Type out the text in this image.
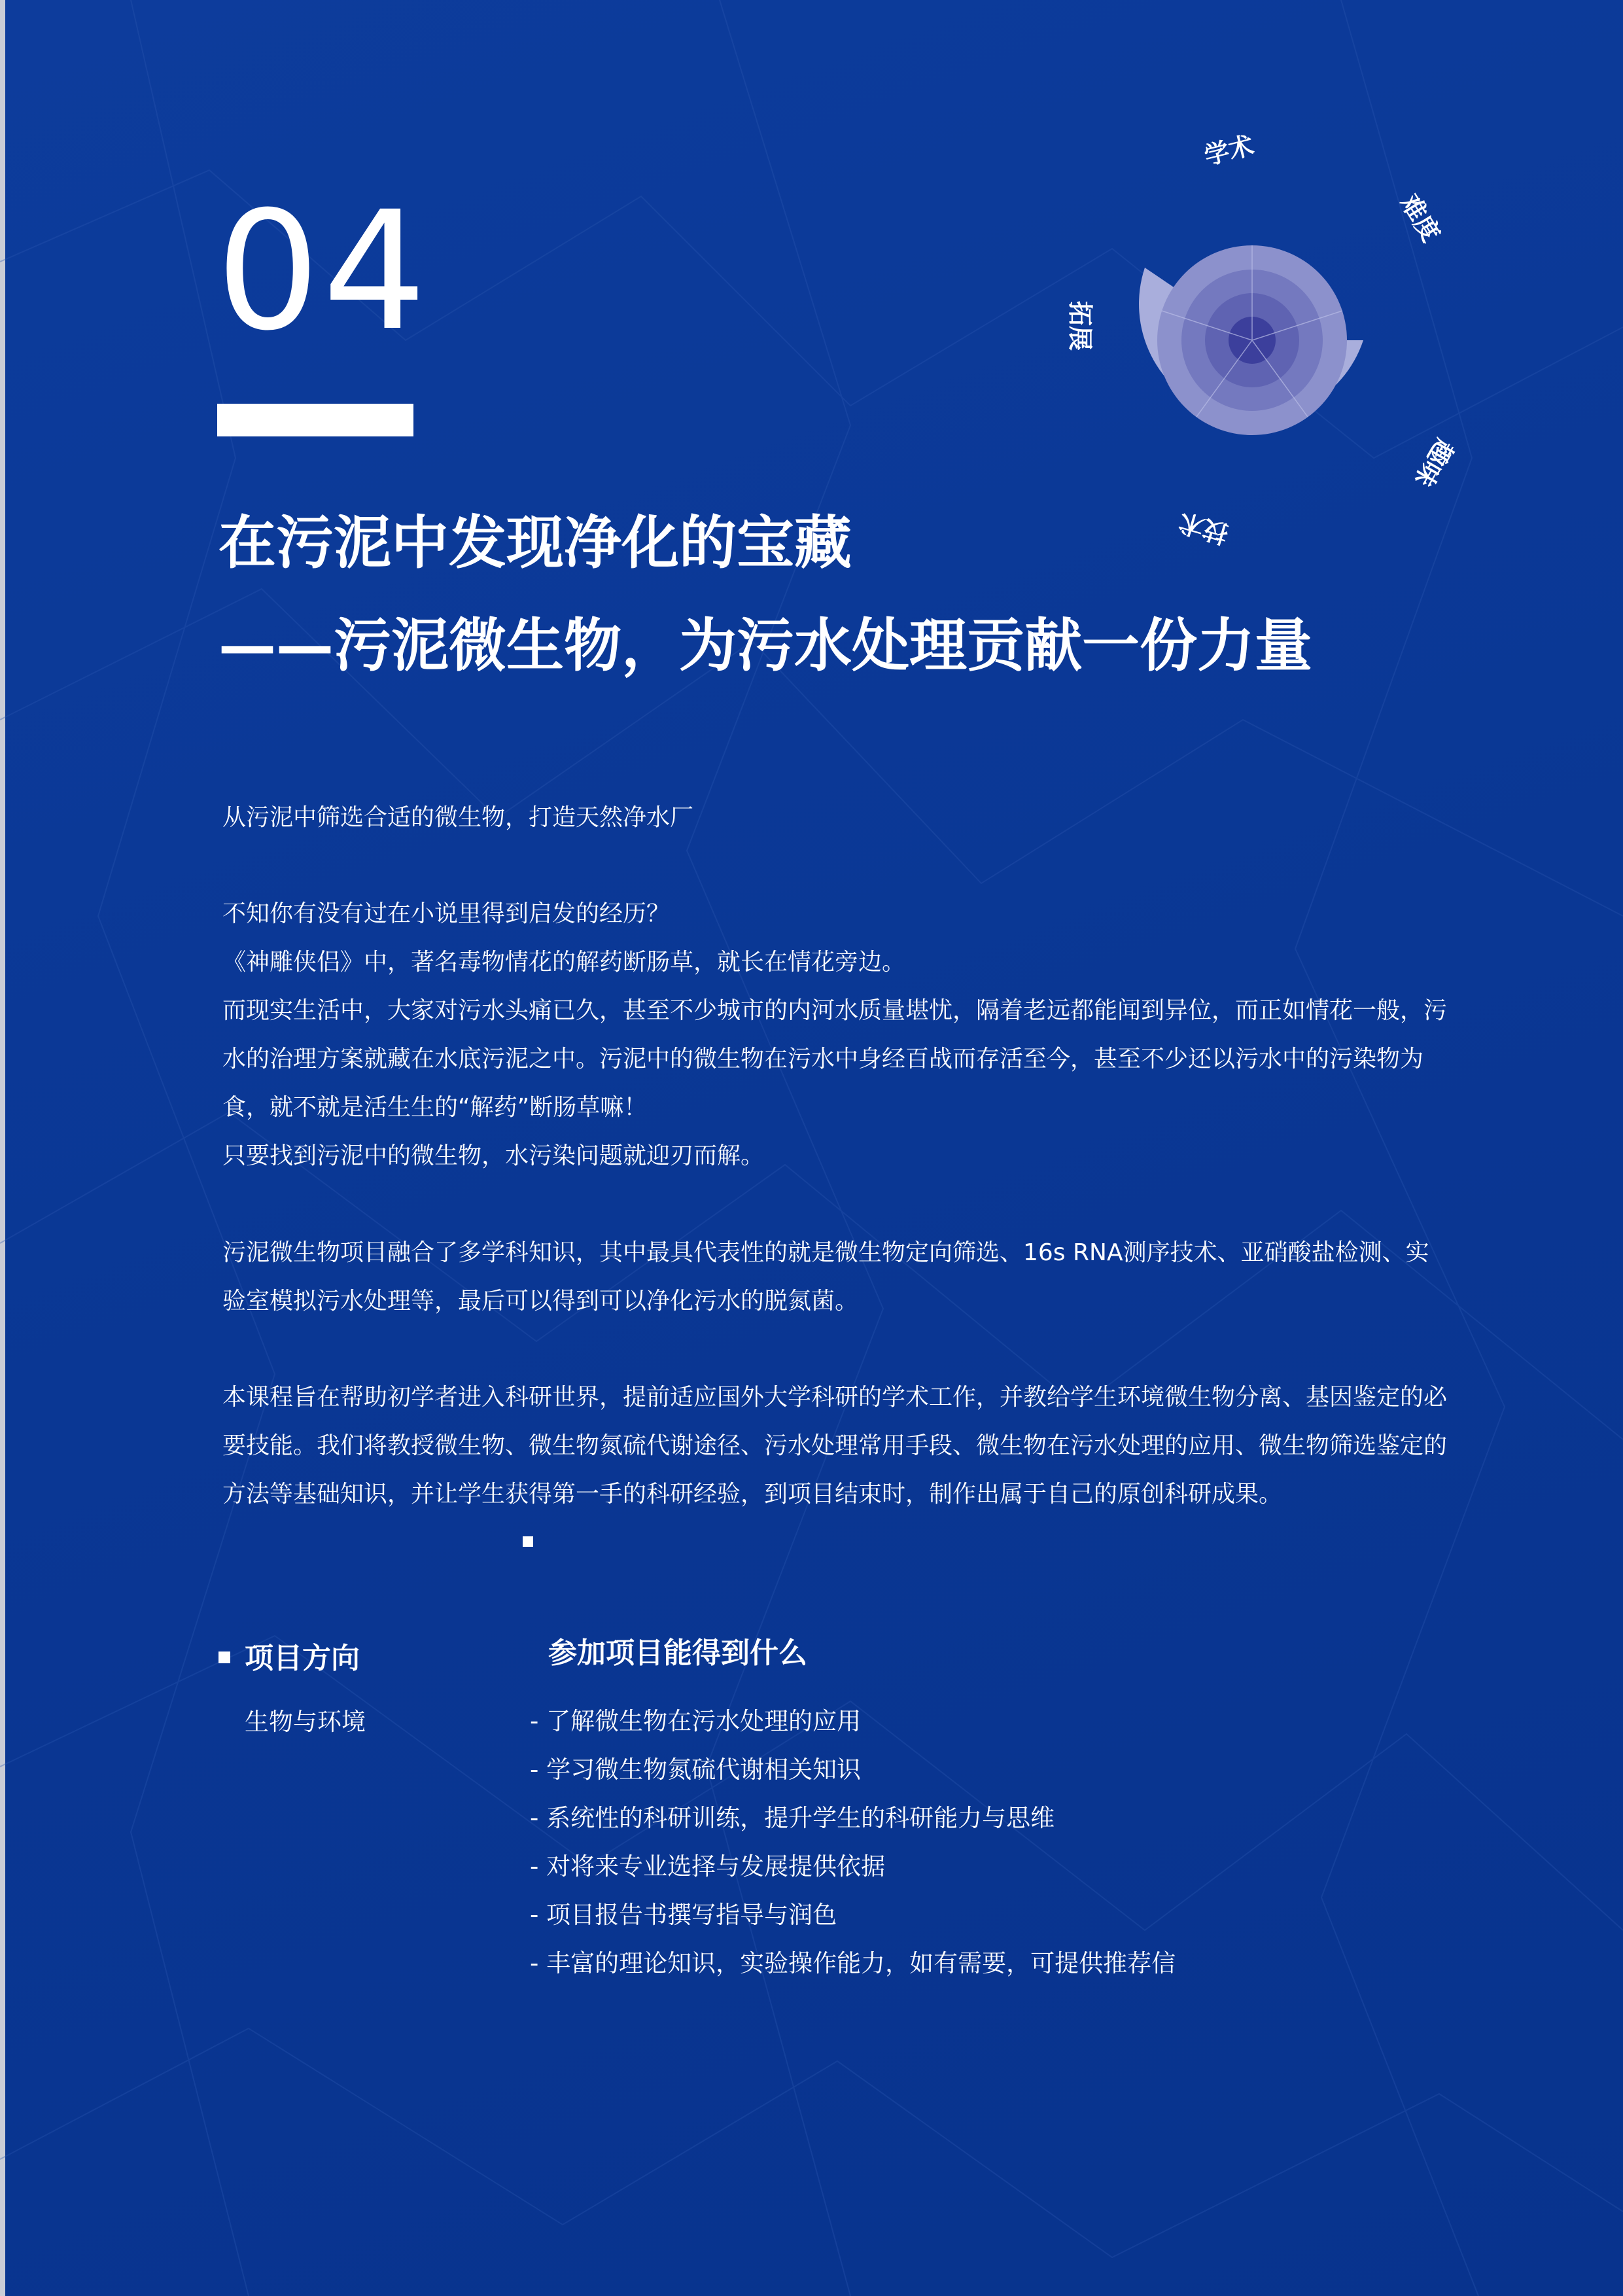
04
在污泥中发现净化的宝藏
——污泥微生物，为污水处理贡献一份力量
学术
难度
趣味
技术
拓展

从污泥中筛选合适的微生物，打造天然净水厂

不知你有没有过在小说里得到启发的经历？

《神雕侠侣》中，著名毒物情花的解药断肠草，就长在情花旁边。

而现实生活中，大家对污水头痛已久，甚至不少城市的内河水质量堪忧，隔着老远都能闻到异位，而正如情花一般，污水的治理方案就藏在水底污泥之中。污泥中的微生物在污水中身经百战而存活至今，甚至不少还以污水中的污染物为食，就不就是活生生的“解药”断肠草嘛！

只要找到污泥中的微生物，水污染问题就迎刃而解。

污泥微生物项目融合了多学科知识，其中最具代表性的就是微生物定向筛选、16s RNA测序技术、亚硝酸盐检测、实验室模拟污水处理等，最后可以得到可以净化污水的脱氮菌。

本课程旨在帮助初学者进入科研世界，提前适应国外大学科研的学术工作，并教给学生环境微生物分离、基因鉴定的必要技能。我们将教授微生物、微生物氮硫代谢途径、污水处理常用手段、微生物在污水处理的应用、微生物筛选鉴定的方法等基础知识，并让学生获得第一手的科研经验，到项目结束时，制作出属于自己的原创科研成果。

项目方向

生物与环境

参加项目能得到什么
- 了解微生物在污水处理的应用
- 学习微生物氮硫代谢相关知识
- 系统性的科研训练，提升学生的科研能力与思维
- 对将来专业选择与发展提供依据
- 项目报告书撰写指导与润色
- 丰富的理论知识，实验操作能力，如有需要，可提供推荐信
